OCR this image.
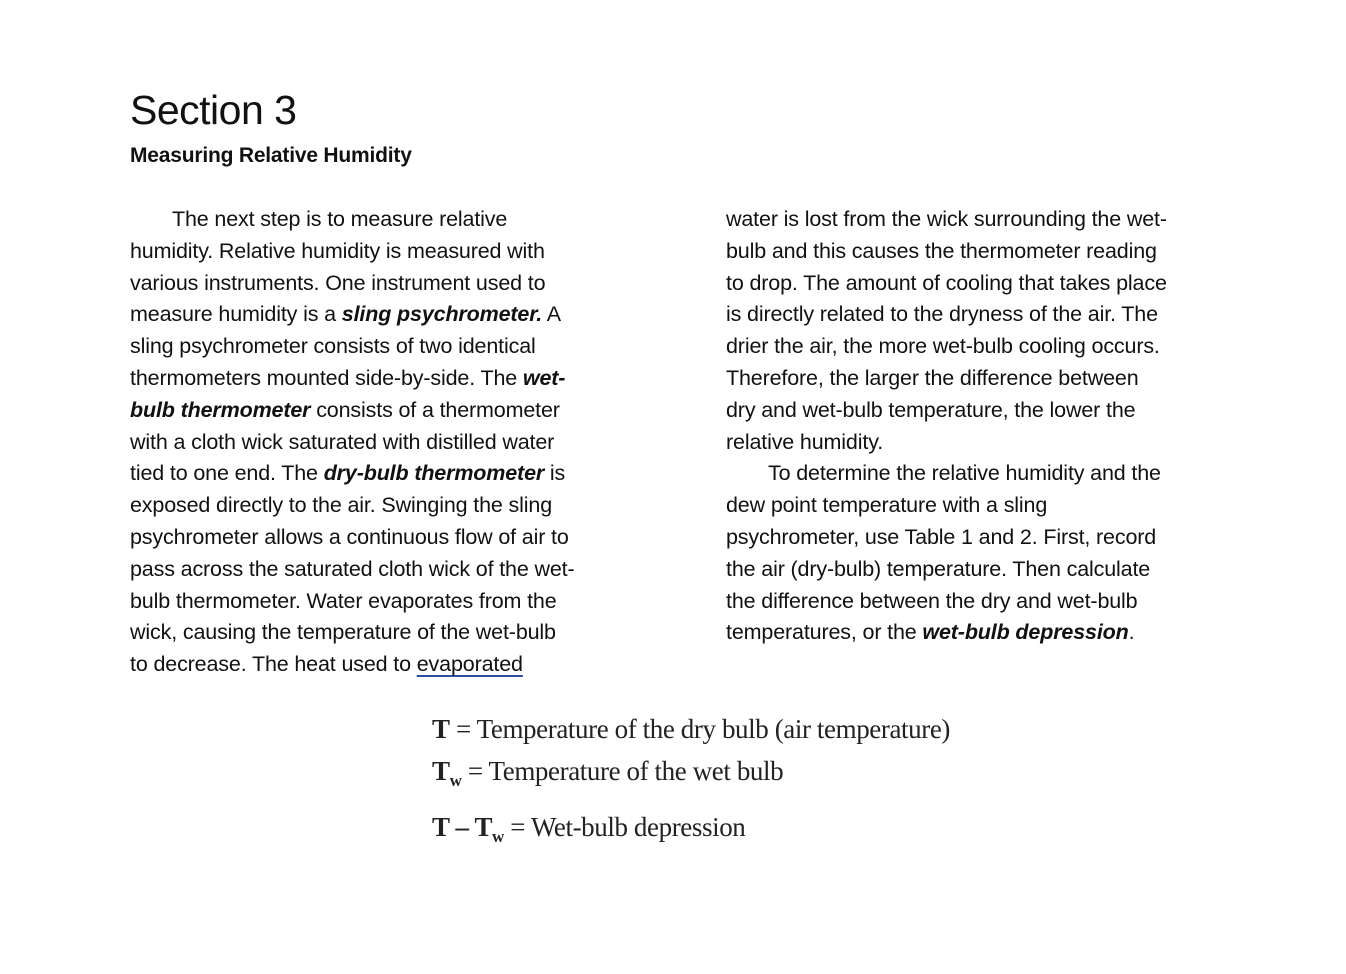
Section 3
Measuring Relative Humidity
The next step is to measure relative
humidity. Relative humidity is measured with
various instruments. One instrument used to
measure humidity is a sling psychrometer. A
sling psychrometer consists of two identical
thermometers mounted side-by-side. The wet-
bulb thermometer consists of a thermometer
with a cloth wick saturated with distilled water
tied to one end. The dry-bulb thermometer is
exposed directly to the air. Swinging the sling
psychrometer allows a continuous flow of air to
pass across the saturated cloth wick of the wet-
bulb thermometer. Water evaporates from the
wick, causing the temperature of the wet-bulb
to decrease. The heat used to evaporated
water is lost from the wick surrounding the wet-
bulb and this causes the thermometer reading
to drop. The amount of cooling that takes place
is directly related to the dryness of the air. The
drier the air, the more wet-bulb cooling occurs.
Therefore, the larger the difference between
dry and wet-bulb temperature, the lower the
relative humidity.
To determine the relative humidity and the
dew point temperature with a sling
psychrometer, use Table 1 and 2. First, record
the air (dry-bulb) temperature. Then calculate
the difference between the dry and wet-bulb
temperatures, or the wet-bulb depression.
T = Temperature of the dry bulb (air temperature)
$T_w$ = Temperature of the wet bulb
T – $T_w$ = Wet-bulb depression
